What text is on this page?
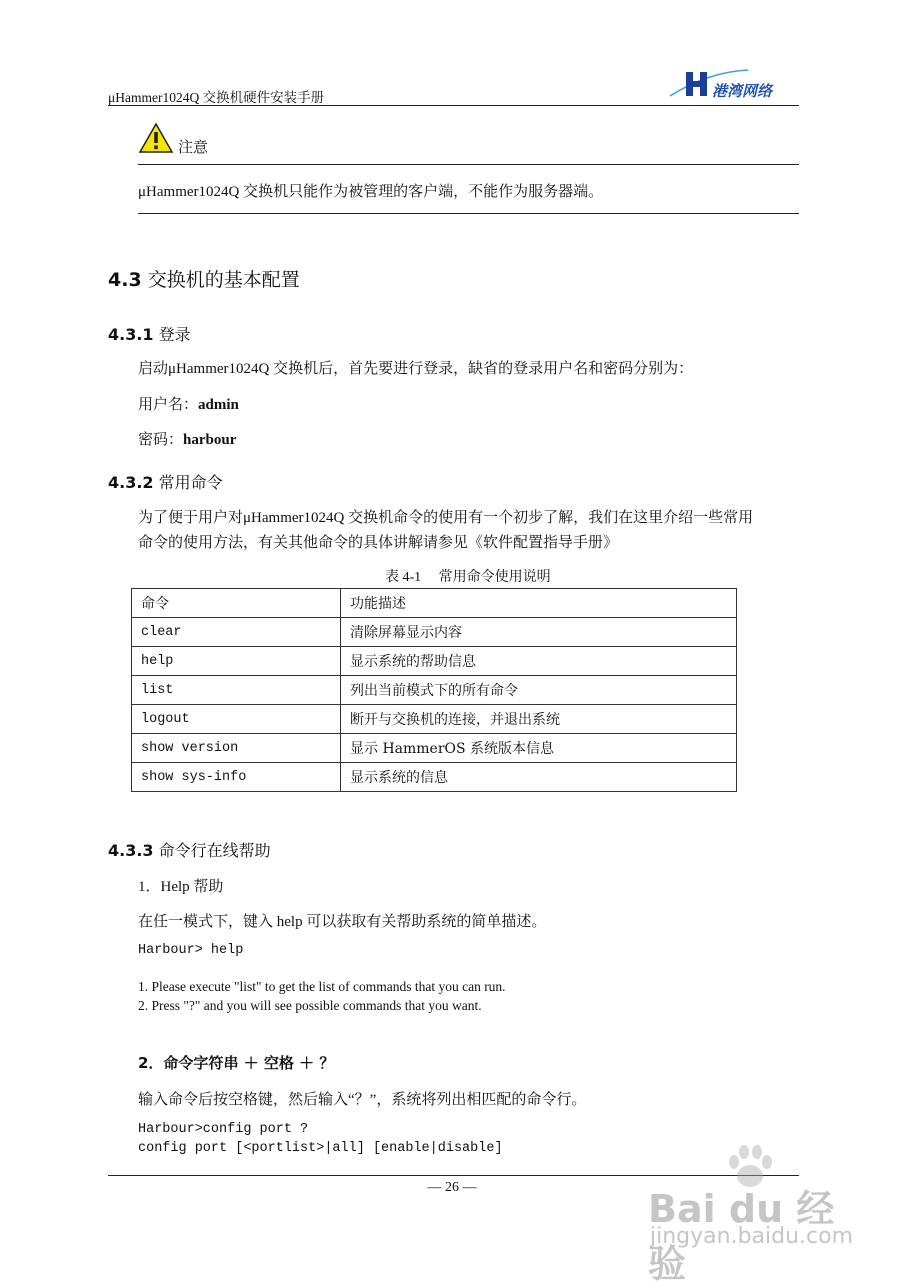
μHammer1024Q 交换机硬件安装手册	港湾网络
注意
μHammer1024Q 交换机只能作为被管理的客户端，不能作为服务器端。
4.3 交换机的基本配置
4.3.1 登录
启动μHammer1024Q 交换机后，首先要进行登录，缺省的登录用户名和密码分别为：
用户名：admin
密码：harbour
4.3.2 常用命令
为了便于用户对μHammer1024Q 交换机命令的使用有一个初步了解，我们在这里介绍一些常用
命令的使用方法，有关其他命令的具体讲解请参见《软件配置指导手册》
表 4-1　 常用命令使用说明
命令	功能描述
clear	清除屏幕显示内容
help	显示系统的帮助信息
list	列出当前模式下的所有命令
logout	断开与交换机的连接，并退出系统
show version	显示 HammerOS 系统版本信息
show sys-info	显示系统的信息
4.3.3 命令行在线帮助
1．Help 帮助
在任一模式下，键入 help 可以获取有关帮助系统的简单描述。
Harbour> help
1. Please execute "list" to get the list of commands that you can run.
2. Press "?" and you will see possible commands that you want.
2．命令字符串 ＋ 空格 ＋ ？
输入命令后按空格键，然后输入“？”，系统将列出相匹配的命令行。
Harbour>config port ?
config port [<portlist>|all] [enable|disable]
— 26 —	Bai du 经验
jingyan.baidu.com
